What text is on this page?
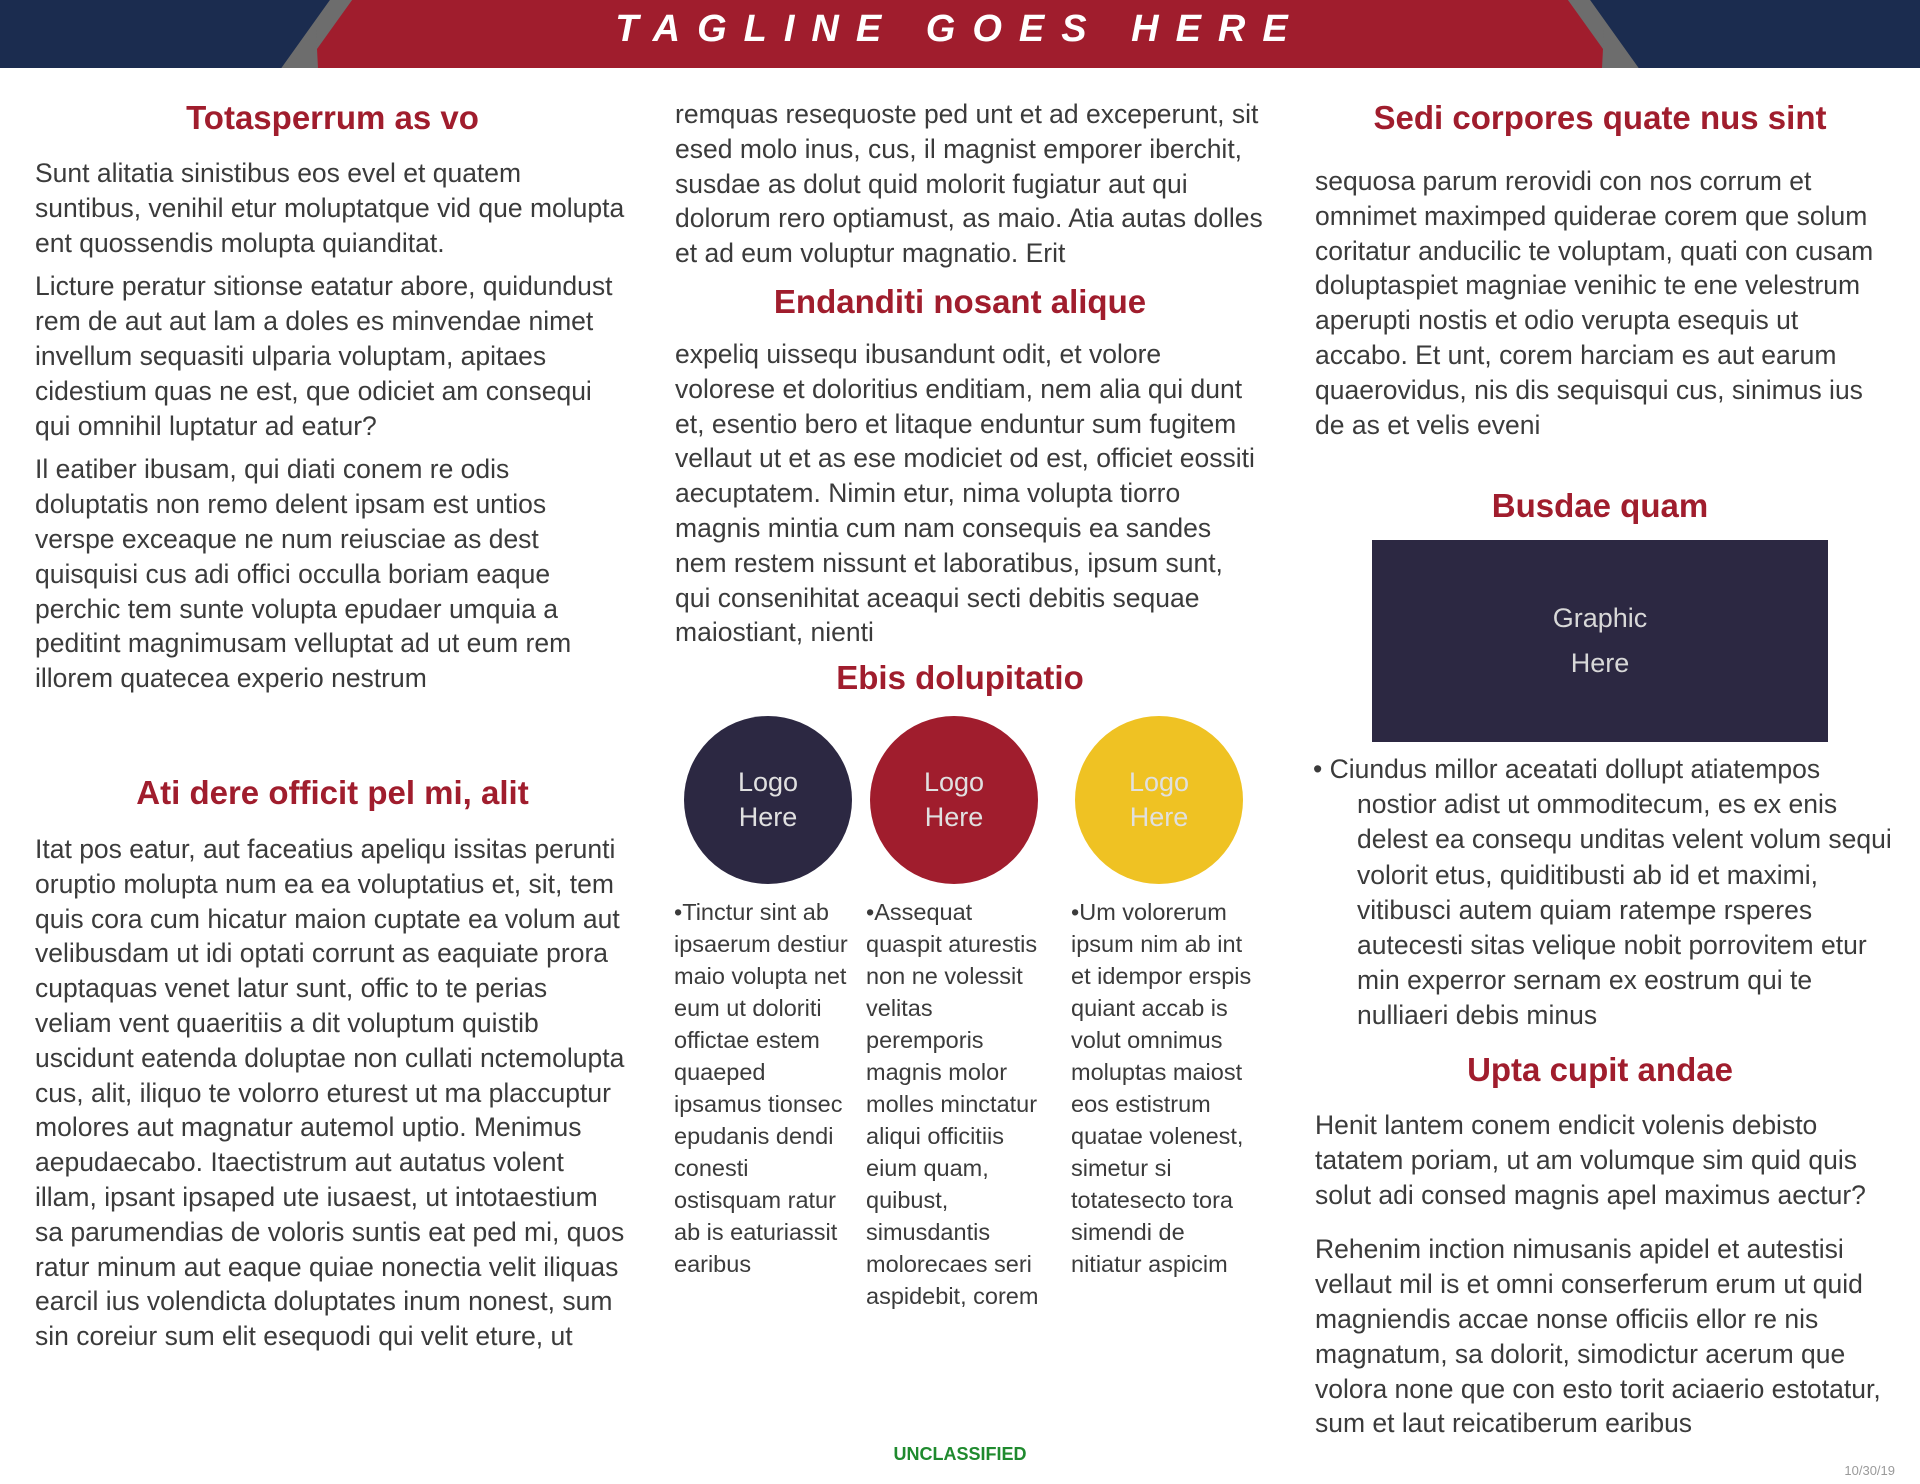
TAGLINE GOES HERE
Totasperrum as vo

Sunt alitatia sinistibus eos evel et quatem suntibus, venihil etur moluptatque vid que molupta ent quossendis molupta quianditat.

Licture peratur sitionse eatatur abore, quidundust rem de aut aut lam a doles es minvendae nimet invellum sequasiti ulparia voluptam, apitaes cidestium quas ne est, que odiciet am consequi qui omnihil luptatur ad eatur?

Il eatiber ibusam, qui diati conem re odis doluptatis non remo delent ipsam est untios verspe exceaque ne num reiusciae as dest quisquisi cus adi offici occulla boriam eaque perchic tem sunte volupta epudaer umquia a peditint magnimusam velluptat ad ut eum rem illorem quatecea experio nestrum

Ati dere officit pel mi, alit

Itat pos eatur, aut faceatius apeliqu issitas perunti oruptio molupta num ea ea voluptatius et, sit, tem quis cora cum hicatur maion cuptate ea volum aut velibusdam ut idi optati corrunt as eaquiate prora cuptaquas venet latur sunt, offic to te perias veliam vent quaeritiis a dit voluptum quistib uscidunt eatenda doluptae non cullati nctemolupta cus, alit, iliquo te volorro eturest ut ma placcuptur molores aut magnatur autemol uptio. Menimus aepudaecabo. Itaectistrum aut autatus volent illam, ipsant ipsaped ute iusaest, ut intotaestium sa parumendias de voloris suntis eat ped mi, quos ratur minum aut eaque quiae nonectia velit iliquas earcil ius volendicta doluptates inum nonest, sum sin coreiur sum elit esequodi qui velit eture, ut

remquas resequoste ped unt et ad exceperunt, sit esed molo inus, cus, il magnist emporer iberchit, susdae as dolut quid molorit fugiatur aut qui dolorum rero optiamust, as maio. Atia autas dolles et ad eum voluptur magnatio. Erit

Endanditi nosant alique

expeliq uissequ ibusandunt odit, et volore volorese et doloritius enditiam, nem alia qui dunt et, esentio bero et litaque enduntur sum fugitem vellaut ut et as ese modiciet od est, officiet eossiti aecuptatem. Nimin etur, nima volupta tiorro magnis mintia cum nam consequis ea sandes nem restem nissunt et laboratibus, ipsum sunt, qui consenihitat aceaqui secti debitis sequae maiostiant, nienti

Ebis dolupitatio
Logo
Here
Logo
Here
Logo
Here
•Tinctur sint ab ipsaerum destiur maio volupta net eum ut doloriti offictae estem quaeped ipsamus tionsec epudanis dendi conesti ostisquam ratur ab is eaturiassit earibus
•Assequat quaspit aturestis non ne volessit velitas peremporis magnis molor molles minctatur aliqui officitiis eium quam, quibust, simusdantis molorecaes seri aspidebit, corem
•Um volorerum ipsum nim ab int et idempor erspis quiant accab is volut omnimus moluptas maiost eos estistrum quatae volenest, simetur si totatesecto tora simendi de nitiatur aspicim
Sedi corpores quate nus sint

sequosa parum rerovidi con nos corrum et omnimet maximped quiderae corem que solum coritatur anducilic te voluptam, quati con cusam doluptaspiet magniae venihic te ene velestrum aperupti nostis et odio verupta esequis ut accabo. Et unt, corem harciam es aut earum quaerovidus, nis dis sequisqui cus, sinimus ius de as et velis eveni

Busdae quam
Graphic
Here
• Ciundus millor aceatati dollupt atiatempos
nostior adist ut ommoditecum, es ex enis delest ea consequ unditas velent volum sequi volorit etus, quiditibusti ab id et maximi, vitibusci autem quiam ratempe rsperes autecesti sitas velique nobit porrovitem etur min experror sernam ex eostrum qui te nulliaeri debis minus
Upta cupit andae

Henit lantem conem endicit volenis debisto tatatem poriam, ut am volumque sim quid quis solut adi consed magnis apel maximus aectur?

Rehenim inction nimusanis apidel et autestisi vellaut mil is et omni conserferum erum ut quid magniendis accae nonse officiis ellor re nis magnatum, sa dolorit, simodictur acerum que volora none que con esto torit aciaerio estotatur, sum et laut reicatiberum earibus

UNCLASSIFIED
10/30/19
